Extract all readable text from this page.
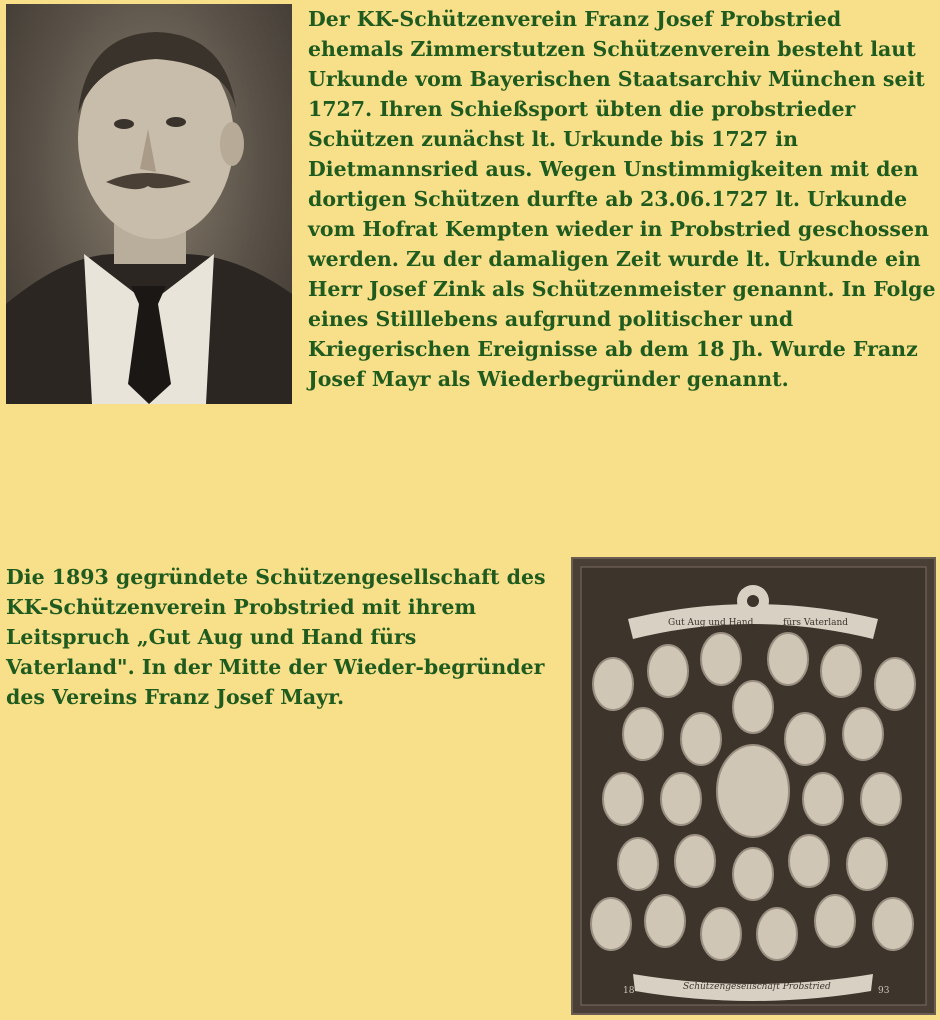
Der KK-Schützenverein Franz Josef Probstried ehemals Zimmerstutzen Schützenverein besteht laut Urkunde vom Bayerischen Staatsarchiv München seit 1727. Ihren Schießsport übten die probstrieder Schützen zunächst lt. Urkunde bis 1727 in Dietmannsried aus. Wegen Unstimmigkeiten mit den dortigen Schützen durfte ab 23.06.1727 lt. Urkunde vom Hofrat Kempten wieder in Probstried geschossen werden. Zu der damaligen Zeit wurde lt. Urkunde ein Herr Josef Zink als Schützenmeister genannt. In Folge eines Stilllebens aufgrund politischer und Kriegerischen Ereignisse ab dem 18 Jh. Wurde Franz Josef Mayr als Wiederbegründer genannt.

Die 1893 gegründete Schützengesellschaft des KK-Schützenverein Probstried mit ihrem Leitspruch „Gut Aug und Hand fürs Vaterland". In der Mitte der Wieder-begründer des Vereins Franz Josef Mayr.

Gut Aug und Hand	fürs Vaterland
Schützengesellschaft Probstried
18	93
